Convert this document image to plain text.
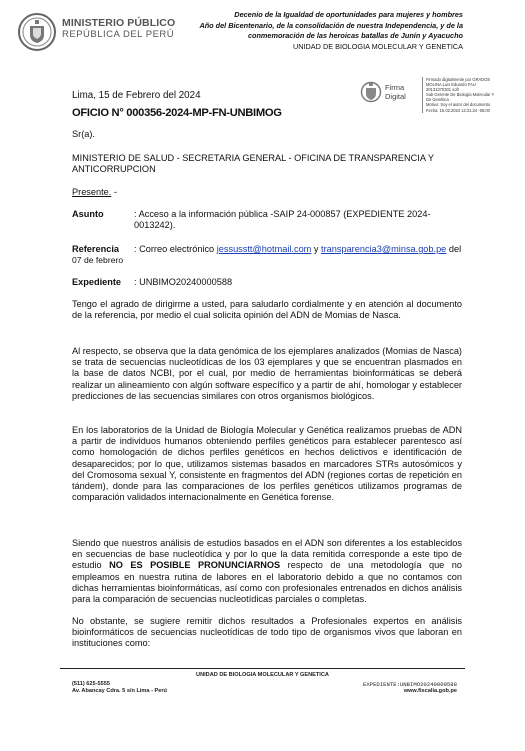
MINISTERIO PÚBLICO
REPÚBLICA DEL PERÚ
Decenio de la Igualdad de oportunidades para mujeres y hombres
Año del Bicentenario, de la consolidación de nuestra Independencia, y de la
conmemoración de las heroicas batallas de Junín y Ayacucho
UNIDAD DE BIOLOGIA MOLECULAR Y GENETICA
Firma
Digital
Firmado digitalmente por GRADOS
MOLINA Luis Eduardo FAU
20131370301 soft
Sub Gerente De Biología Molecular Y
De Genética
Motivo: Soy el autor del documento
Fecha: 15.02.2024 12:21:24 -05:00
Lima, 15 de Febrero del 2024
OFICIO N° 000356-2024-MP-FN-UNBIMOG
Sr(a).
MINISTERIO DE SALUD - SECRETARIA GENERAL - OFICINA DE TRANSPARENCIA Y ANTICORRUPCION
Presente. -
Asunto	: Acceso a la información pública -SAIP 24-000857 (EXPEDIENTE 2024-0013242).
Referencia : Correo electrónico jessusstt@hotmail.com y transparencia3@minsa.gob.pe del
07 de febrero
Expediente : UNBIMO20240000588
Tengo el agrado de dirigirme a usted, para saludarlo cordialmente y en atención al documento de la referencia, por medio el cual solicita opinión del ADN de Momias de Nasca.
Al respecto, se observa que la data genómica de los ejemplares analizados (Momias de Nasca) se trata de secuencias nucleotídicas de los 03 ejemplares y que se encuentran plasmados en la base de datos NCBI, por el cual, por medio de herramientas bioinformáticas se deberá realizar un alineamiento con algún software específico y a partir de ahí, homologar y establecer predicciones de las secuencias similares con otros organismos biológicos.
En los laboratorios de la Unidad de Biología Molecular y Genética realizamos pruebas de ADN a partir de individuos humanos obteniendo perfiles genéticos para establecer parentesco así como homologación de dichos perfiles genéticos en hechos delictivos e identificación de desaparecidos; por lo que, utilizamos sistemas basados en marcadores STRs autosómicos y del Cromosoma sexual Y, consistente en fragmentos del ADN (regiones cortas de repetición en tándem), donde para las comparaciones de los perfiles genéticos utilizamos programas de comparación validados internacionalmente en Genética forense.
Siendo que nuestros análisis de estudios basados en el ADN son diferentes a los establecidos en secuencias de base nucleotídica y por lo que la data remitida corresponde a este tipo de estudio NO ES POSIBLE PRONUNCIARNOS respecto de una metodología que no empleamos en nuestra rutina de labores en el laboratorio debido a que no contamos con dichas herramientas bioinformáticas, así como con profesionales entrenados en dichos análisis para la comparación de secuencias nucleotídicas parciales o completas.
No obstante, se sugiere remitir dichos resultados a Profesionales expertos en análisis bioinformáticos de secuencias nucleotídicas de todo tipo de organismos vivos que laboran en instituciones como:
UNIDAD DE BIOLOGIA MOLECULAR Y GENETICA
(511) 625-5555
Av. Abancay Cdra. 5 s/n Lima - Perú
EXPEDIENTE:UNBIMO20240000588
www.fiscalia.gob.pe
